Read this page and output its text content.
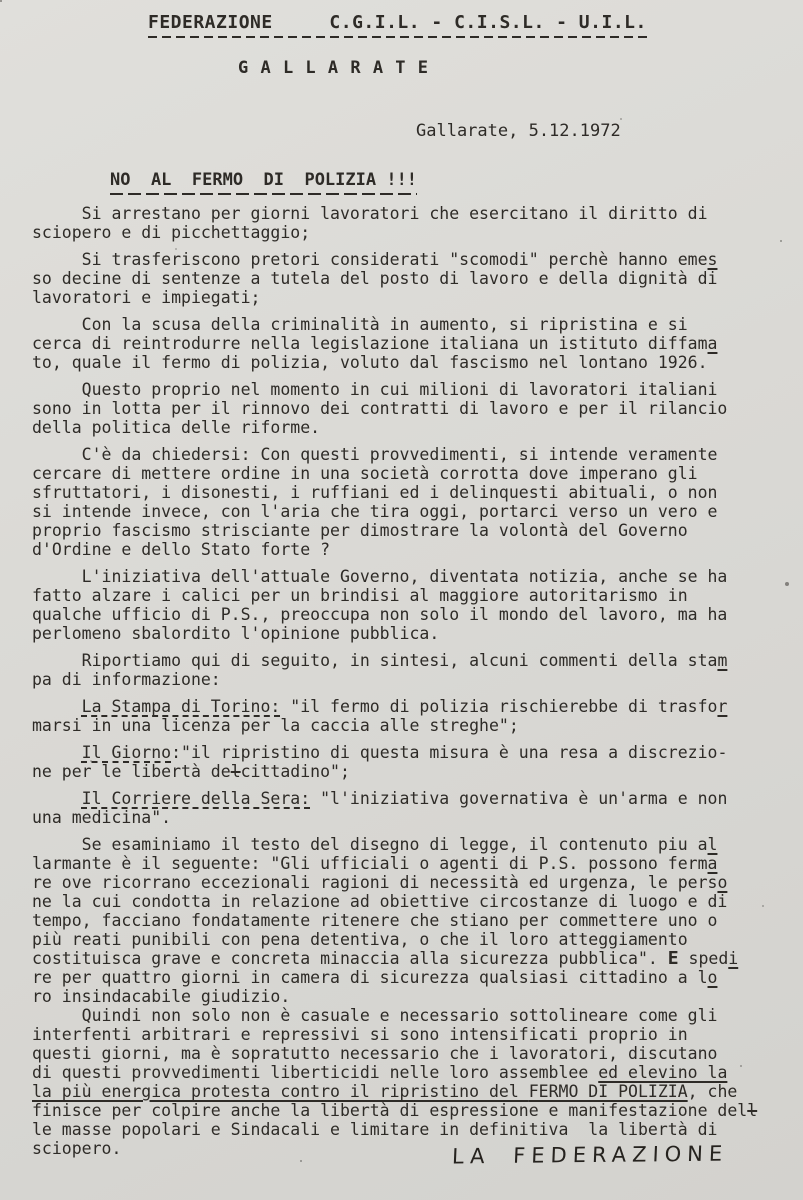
FEDERAZIONE     C.G.I.L. - C.I.S.L. - U.I.L.
G A L L A R A T E
Gallarate, 5.12.1972
NO  AL  FERMO  DI  POLIZIA !!!
Si arrestano per giorni lavoratori che esercitano il diritto di
sciopero e di picchettaggio;
Si trasferiscono pretori considerati "scomodi" perchè hanno emes
so decine di sentenze a tutela del posto di lavoro e della dignità di
lavoratori e impiegati;
Con la scusa della criminalità in aumento, si ripristina e si
cerca di reintrodurre nella legislazione italiana un istituto diffama
to, quale il fermo di polizia, voluto dal fascismo nel lontano 1926.
Questo proprio nel momento in cui milioni di lavoratori italiani
sono in lotta per il rinnovo dei contratti di lavoro e per il rilancio
della politica delle riforme.
C'è da chiedersi: Con questi provvedimenti, si intende veramente
cercare di mettere ordine in una società corrotta dove imperano gli
sfruttatori, i disonesti, i ruffiani ed i delinquesti abituali, o non
si intende invece, con l'aria che tira oggi, portarci verso un vero e
proprio fascismo strisciante per dimostrare la volontà del Governo
d'Ordine e dello Stato forte ?
L'iniziativa dell'attuale Governo, diventata notizia, anche se ha
fatto alzare i calici per un brindisi al maggiore autoritarismo in
qualche ufficio di P.S., preoccupa non solo il mondo del lavoro, ma ha
perlomeno sbalordito l'opinione pubblica.
Riportiamo qui di seguito, in sintesi, alcuni commenti della stam
pa di informazione:
La Stampa di Torino: "il fermo di polizia rischierebbe di trasfor
marsi in una licenza per la caccia alle streghe";
Il Giorno:"il ripristino di questa misura è una resa a discrezio-
ne per le libertà delcittadino";
Il Corriere della Sera: "l'iniziativa governativa è un'arma e non
una medicina".
Se esaminiamo il testo del disegno di legge, il contenuto piu al
larmante è il seguente: "Gli ufficiali o agenti di P.S. possono ferma
re ove ricorrano eccezionali ragioni di necessità ed urgenza, le perso
ne la cui condotta in relazione ad obiettive circostanze di luogo e di
tempo, facciano fondatamente ritenere che stiano per commettere uno o
più reati punibili con pena detentiva, o che il loro atteggiamento
costituisca grave e concreta minaccia alla sicurezza pubblica". E spedi
re per quattro giorni in camera di sicurezza qualsiasi cittadino a lo
ro insindacabile giudizio.
Quindi non solo non è casuale e necessario sottolineare come gli
interfenti arbitrari e repressivi si sono intensificati proprio in
questi giorni, ma è sopratutto necessario che i lavoratori, discutano
di questi provvedimenti liberticidi nelle loro assemblee ed elevino la
la più energica protesta contro il ripristino del FERMO DI POLIZIA, che
finisce per colpire anche la libertà di espressione e manifestazione dell
le masse popolari e Sindacali e limitare in definitiva  la libertà di
sciopero.	LA FEDERAZIONE
